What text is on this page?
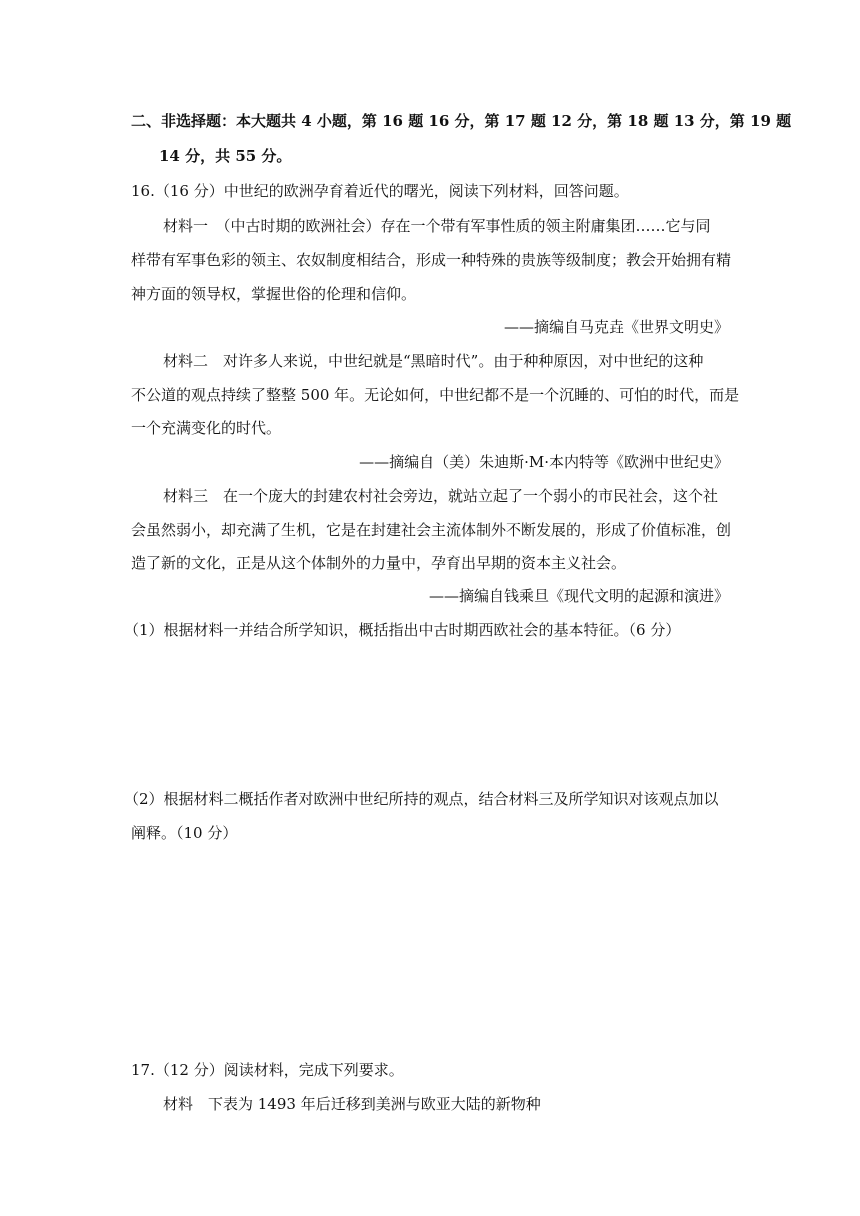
二、非选择题：本大题共 4 小题，第 16 题 16 分，第 17 题 12 分，第 18 题 13 分，第 19 题
14 分，共 55 分。
16.（16 分）中世纪的欧洲孕育着近代的曙光，阅读下列材料，回答问题。
材料一　（中古时期的欧洲社会）存在一个带有军事性质的领主附庸集团……它与同
样带有军事色彩的领主、农奴制度相结合，形成一种特殊的贵族等级制度；教会开始拥有精
神方面的领导权，掌握世俗的伦理和信仰。
——摘编自马克垚《世界文明史》
材料二　对许多人来说，中世纪就是“黑暗时代”。由于种种原因，对中世纪的这种
不公道的观点持续了整整 500 年。无论如何，中世纪都不是一个沉睡的、可怕的时代，而是
一个充满变化的时代。
——摘编自（美）朱迪斯·M·本内特等《欧洲中世纪史》
材料三　在一个庞大的封建农村社会旁边，就站立起了一个弱小的市民社会，这个社
会虽然弱小，却充满了生机，它是在封建社会主流体制外不断发展的，形成了价值标准，创
造了新的文化，正是从这个体制外的力量中，孕育出早期的资本主义社会。
——摘编自钱乘旦《现代文明的起源和演进》
（1）根据材料一并结合所学知识，概括指出中古时期西欧社会的基本特征。（6 分）
（2）根据材料二概括作者对欧洲中世纪所持的观点，结合材料三及所学知识对该观点加以
阐释。（10 分）
17.（12 分）阅读材料，完成下列要求。
材料　下表为 1493 年后迁移到美洲与欧亚大陆的新物种
